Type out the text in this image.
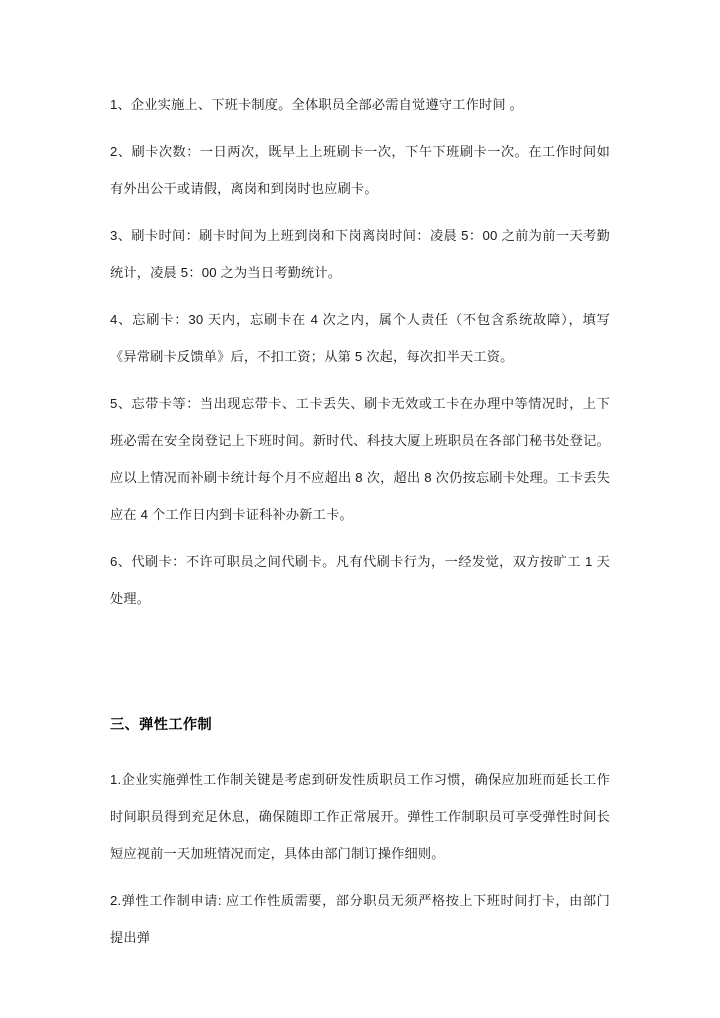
1、企业实施上、下班卡制度。全体职员全部必需自觉遵守工作时间 。

2、刷卡次数：一日两次，既早上上班刷卡一次，下午下班刷卡一次。在工作时间如有外出公干或请假，离岗和到岗时也应刷卡。

3、刷卡时间：刷卡时间为上班到岗和下岗离岗时间：凌晨 5：00 之前为前一天考勤统计，凌晨 5：00 之为当日考勤统计。

4、忘刷卡：30 天内，忘刷卡在 4 次之内，属个人责任（不包含系统故障），填写《异常刷卡反馈单》后，不扣工资；从第 5 次起，每次扣半天工资。

5、忘带卡等：当出现忘带卡、工卡丢失、刷卡无效或工卡在办理中等情况时，上下班必需在安全岗登记上下班时间。新时代、科技大厦上班职员在各部门秘书处登记。应以上情况而补刷卡统计每个月不应超出 8 次，超出 8 次仍按忘刷卡处理。工卡丢失应在 4 个工作日内到卡证科补办新工卡。

6、代刷卡：不许可职员之间代刷卡。凡有代刷卡行为，一经发觉，双方按旷工 1 天处理。

三、弹性工作制

1.企业实施弹性工作制关键是考虑到研发性质职员工作习惯，确保应加班而延长工作时间职员得到充足休息，确保随即工作正常展开。弹性工作制职员可享受弹性时间长短应视前一天加班情况而定，具体由部门制订操作细则。

2.弹性工作制申请: 应工作性质需要，部分职员无须严格按上下班时间打卡，由部门提出弹
